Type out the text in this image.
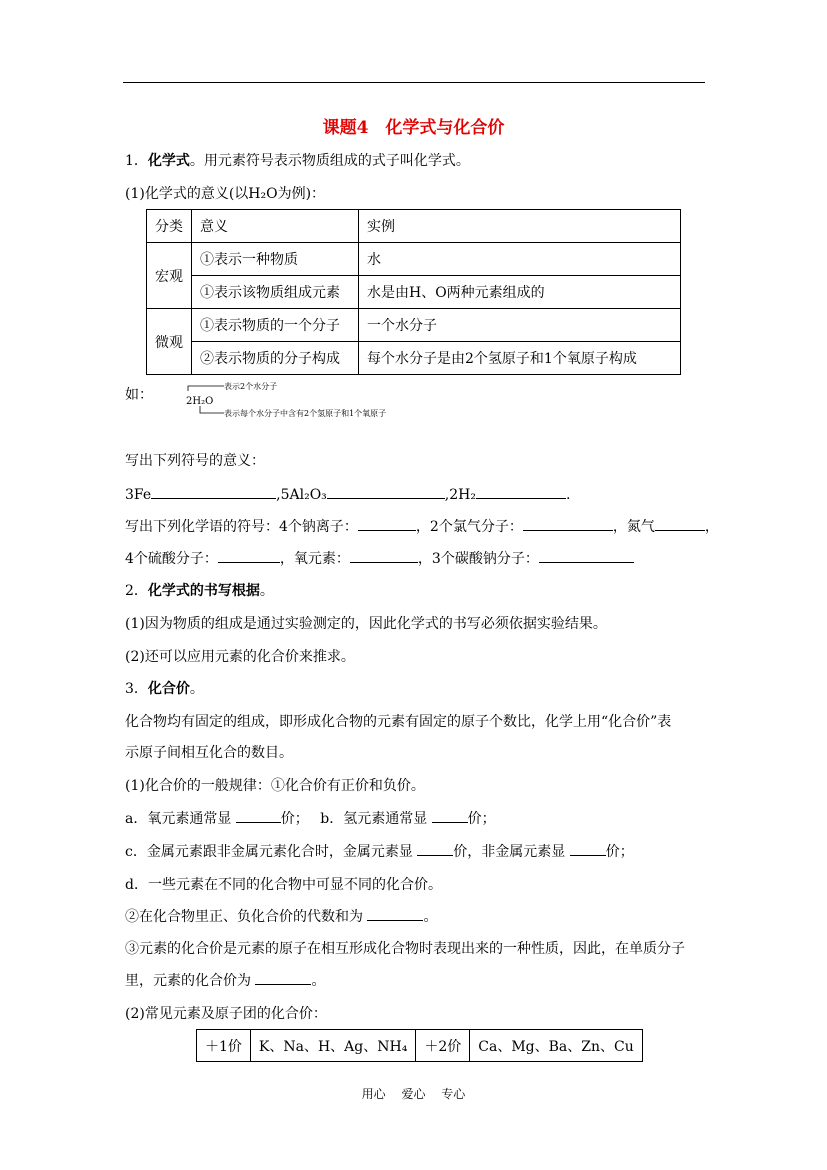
课题4　化学式与化合价
1．化学式。用元素符号表示物质组成的式子叫化学式。
(1)化学式的意义(以H₂O为例)：
分类	意义	实例
宏观	①表示一种物质	水
	①表示该物质组成元素	水是由H、O两种元素组成的
微观	①表示物质的一个分子	一个水分子
	②表示物质的分子构成	每个水分子是由2个氢原子和1个氧原子构成
如：
表示2个水分子
2H₂O
表示每个水分子中含有2个氢原子和1个氧原子
写出下列符号的意义：
3Fe	,5Al₂O₃	,2H₂	.
写出下列化学语的符号：4个钠离子：	，2个氯气分子：	，氮气	，
4个硫酸分子：	，氧元素：	，3个碳酸钠分子：
2．化学式的书写根据。
(1)因为物质的组成是通过实验测定的，因此化学式的书写必须依据实验结果。
(2)还可以应用元素的化合价来推求。
3．化合价。
化合物均有固定的组成，即形成化合物的元素有固定的原子个数比，化学上用“化合价”表
示原子间相互化合的数目。
(1)化合价的一般规律：①化合价有正价和负价。
a．氧元素通常显	价；　 b．氢元素通常显	价；
c．金属元素跟非金属元素化合时，金属元素显	价，非金属元素显	价；
d．一些元素在不同的化合物中可显不同的化合价。
②在化合物里正、负化合价的代数和为	。
③元素的化合价是元素的原子在相互形成化合物时表现出来的一种性质，因此，在单质分子
里，元素的化合价为	。
(2)常见元素及原子团的化合价：
＋1价	K、Na、H、Ag、NH₄	＋2价	Ca、Mg、Ba、Zn、Cu
用心　 爱心　 专心
